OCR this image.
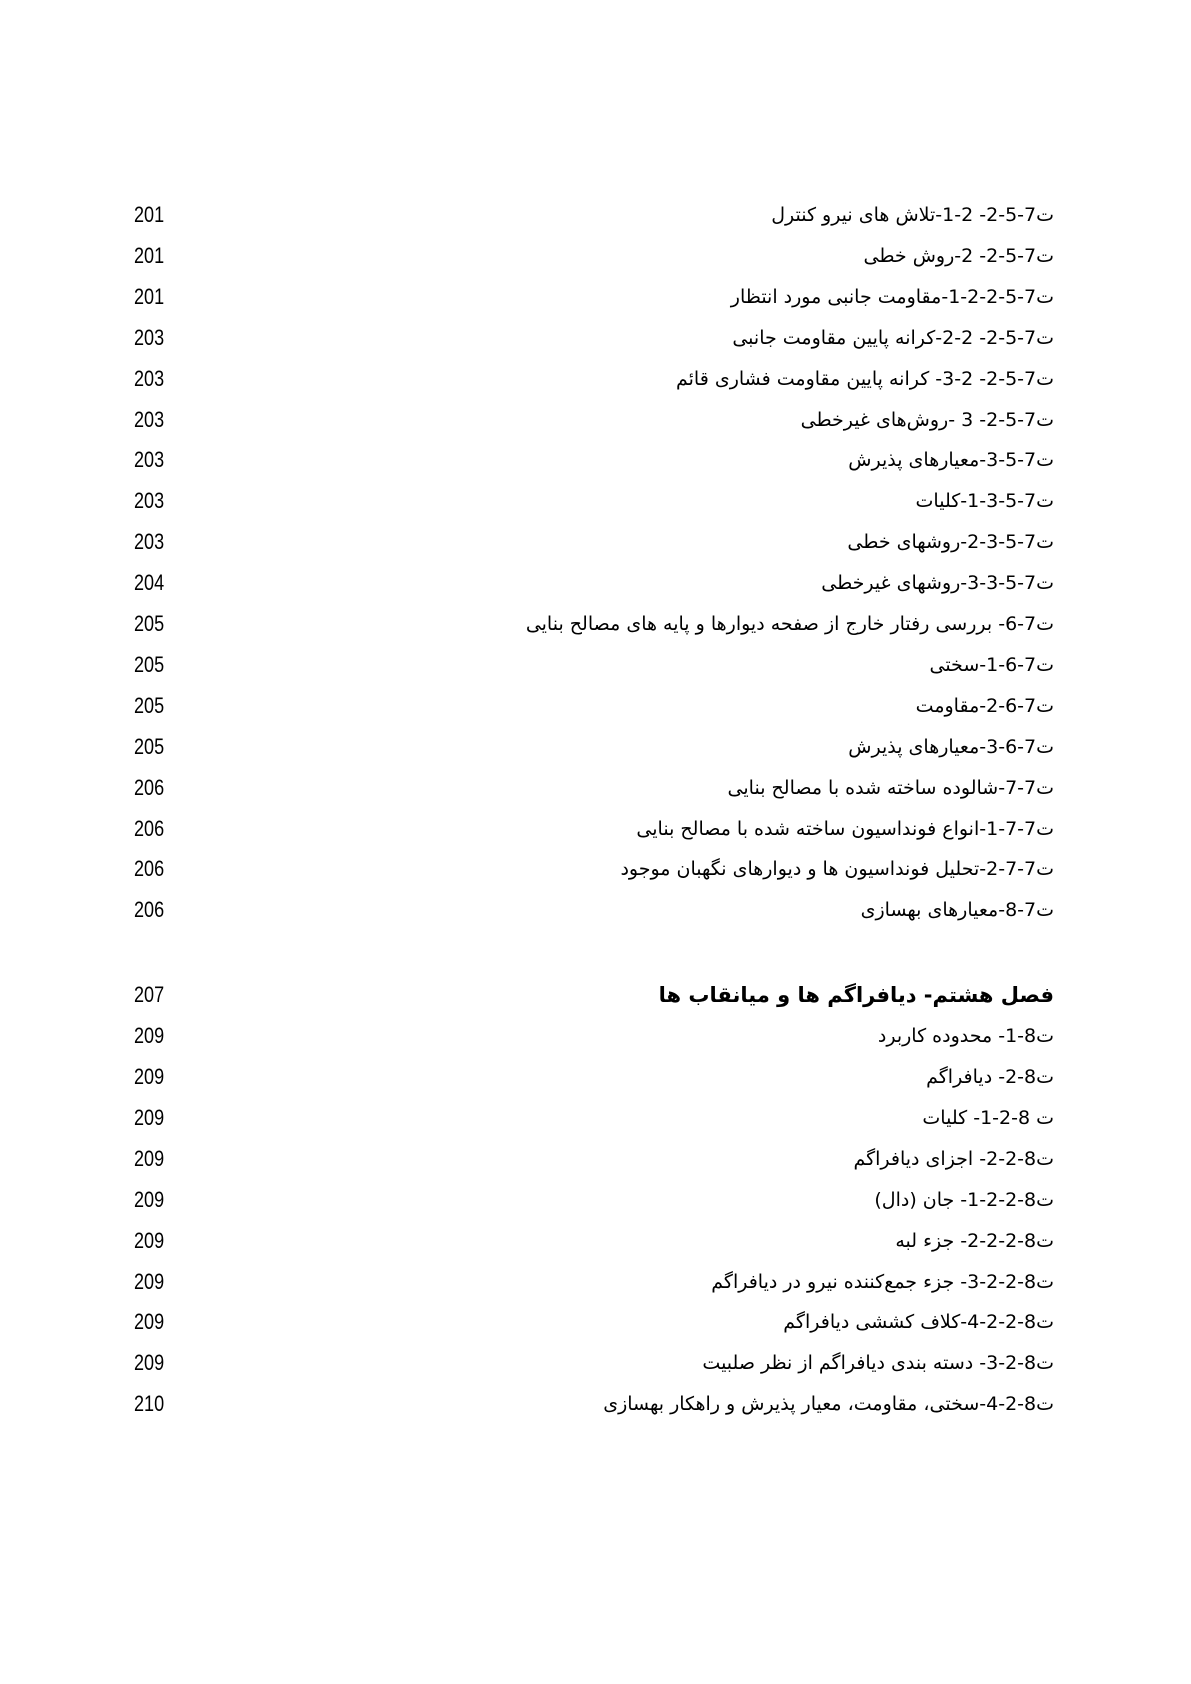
ت7-5-2- 2-1-تلاش های نیرو کنترل
201
ت7-5-2- 2-روش خطی
201
ت7-5-2-2-1-مقاومت جانبی مورد انتظار
201
ت7-5-2- 2-2-کرانه پایین مقاومت جانبی
203
ت7-5-2- 2-3- کرانه پایین مقاومت فشاری قائم
203
ت7-5-2- 3 -روش‌های غیرخطی
203
ت7-5-3-معیارهای پذیرش
203
ت7-5-3-1-کلیات
203
ت7-5-3-2-روشهای خطی
203
ت7-5-3-3-روشهای غیرخطی
204
ت7-6- بررسی رفتار خارج از صفحه دیوارها و پایه های مصالح بنایی
205
ت7-6-1-سختی
205
ت7-6-2-مقاومت
205
ت7-6-3-معیارهای پذیرش
205
ت7-7-شالوده ساخته شده با مصالح بنایی
206
ت7-7-1-انواع فونداسیون ساخته شده با مصالح بنایی
206
ت7-7-2-تحلیل فونداسیون ها و دیوارهای نگهبان موجود
206
ت7-8-معیارهای بهسازی
206
فصل هشتم- دیافراگم ها و میانقاب ها
207
ت8-1- محدوده کاربرد
209
ت8-2- دیافراگم
209
ت 8-2-1- کلیات
209
ت8-2-2- اجزای دیافراگم
209
ت8-2-2-1- جان (دال)
209
ت8-2-2-2- جزء لبه
209
ت8-2-2-3- جزء جمع‌کننده نیرو در دیافراگم
209
ت8-2-2-4-کلاف کششی دیافراگم
209
ت8-2-3- دسته بندی دیافراگم از نظر صلبیت
209
ت8-2-4-سختی، مقاومت، معیار پذیرش و راهکار بهسازی
210
